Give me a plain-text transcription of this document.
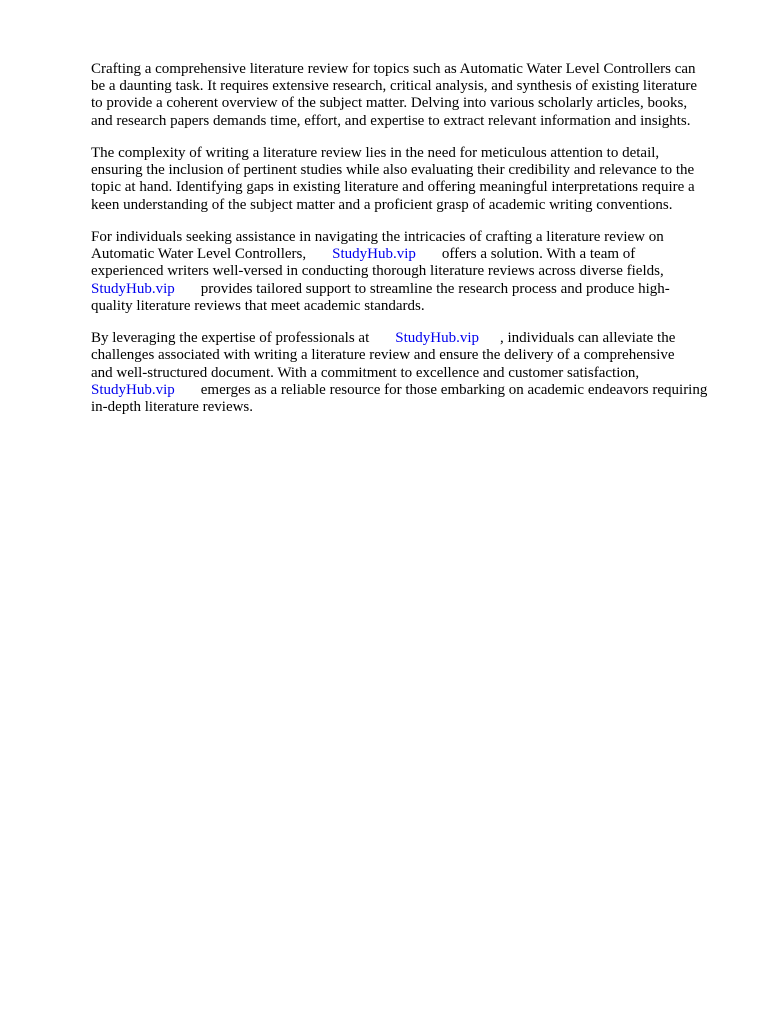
Crafting a comprehensive literature review for topics such as Automatic Water Level Controllers can

be a daunting task. It requires extensive research, critical analysis, and synthesis of existing literature

to provide a coherent overview of the subject matter. Delving into various scholarly articles, books,

and research papers demands time, effort, and expertise to extract relevant information and insights.

The complexity of writing a literature review lies in the need for meticulous attention to detail,

ensuring the inclusion of pertinent studies while also evaluating their credibility and relevance to the

topic at hand. Identifying gaps in existing literature and offering meaningful interpretations require a

keen understanding of the subject matter and a proficient grasp of academic writing conventions.

For individuals seeking assistance in navigating the intricacies of crafting a literature review on

Automatic Water Level Controllers, StudyHub.vip offers a solution. With a team of

experienced writers well-versed in conducting thorough literature reviews across diverse fields,

StudyHub.vip provides tailored support to streamline the research process and produce high-

quality literature reviews that meet academic standards.

By leveraging the expertise of professionals at StudyHub.vip , individuals can alleviate the

challenges associated with writing a literature review and ensure the delivery of a comprehensive

and well-structured document. With a commitment to excellence and customer satisfaction,

StudyHub.vip emerges as a reliable resource for those embarking on academic endeavors requiring

in-depth literature reviews.
